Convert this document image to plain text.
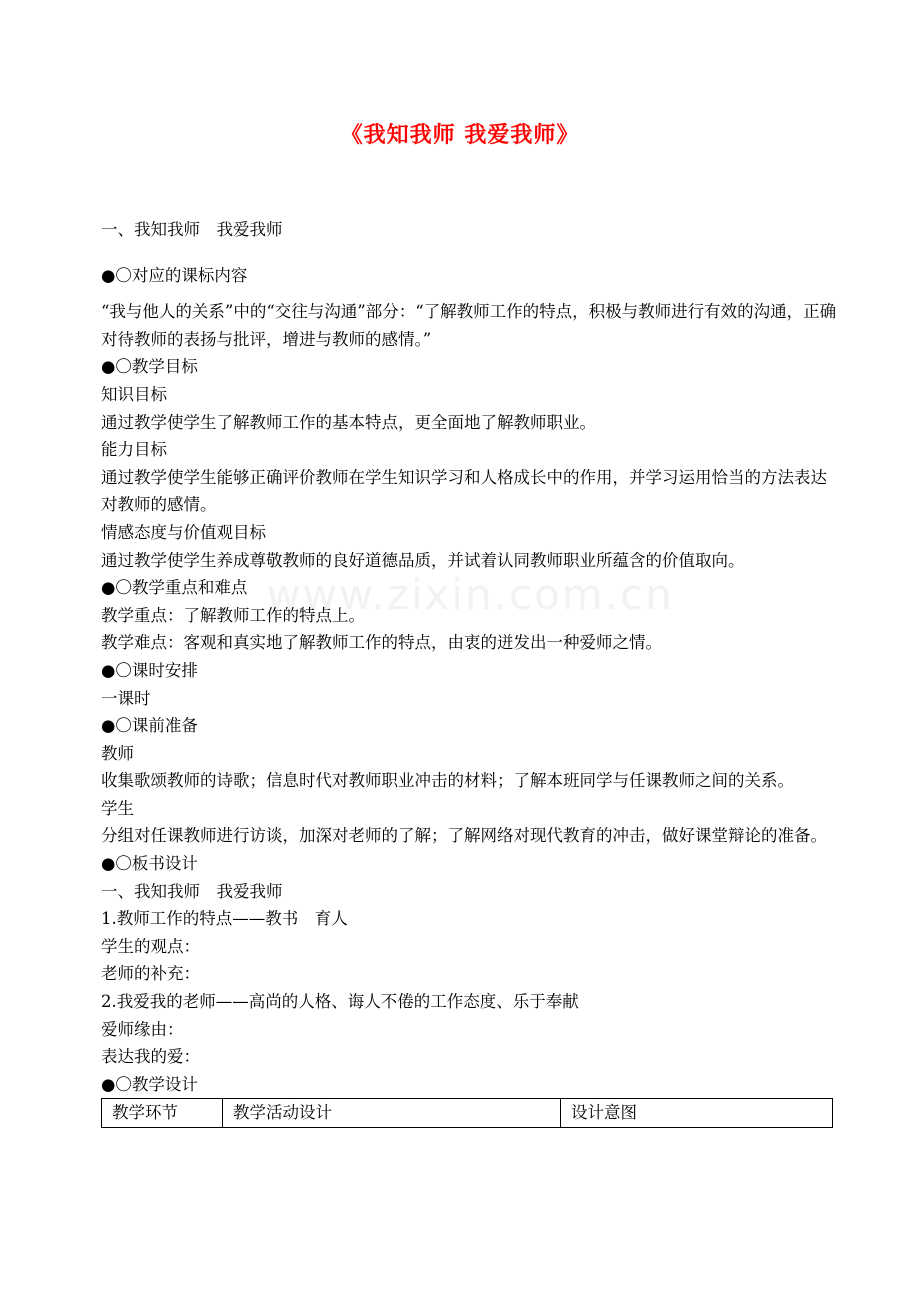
《我知我师 我爱我师》
www.zixin.com.cn

一、我知我师　我爱我师

●〇对应的课标内容

“我与他人的关系”中的“交往与沟通”部分：“了解教师工作的特点，积极与教师进行有效的沟通，正确对待教师的表扬与批评，增进与教师的感情。”

●〇教学目标

知识目标

通过教学使学生了解教师工作的基本特点，更全面地了解教师职业。

能力目标

通过教学使学生能够正确评价教师在学生知识学习和人格成长中的作用，并学习运用恰当的方法表达对教师的感情。

情感态度与价值观目标

通过教学使学生养成尊敬教师的良好道德品质，并试着认同教师职业所蕴含的价值取向。

●〇教学重点和难点

教学重点：了解教师工作的特点上。

教学难点：客观和真实地了解教师工作的特点，由衷的迸发出一种爱师之情。

●〇课时安排

一课时

●〇课前准备

教师

收集歌颂教师的诗歌；信息时代对教师职业冲击的材料；了解本班同学与任课教师之间的关系。

学生

分组对任课教师进行访谈，加深对老师的了解；了解网络对现代教育的冲击，做好课堂辩论的准备。

●〇板书设计

一、我知我师　我爱我师

1.教师工作的特点——教书　育人

学生的观点：

老师的补充：

2.我爱我的老师——高尚的人格、诲人不倦的工作态度、乐于奉献

爱师缘由：

表达我的爱：

●〇教学设计

教学环节	教学活动设计	设计意图
